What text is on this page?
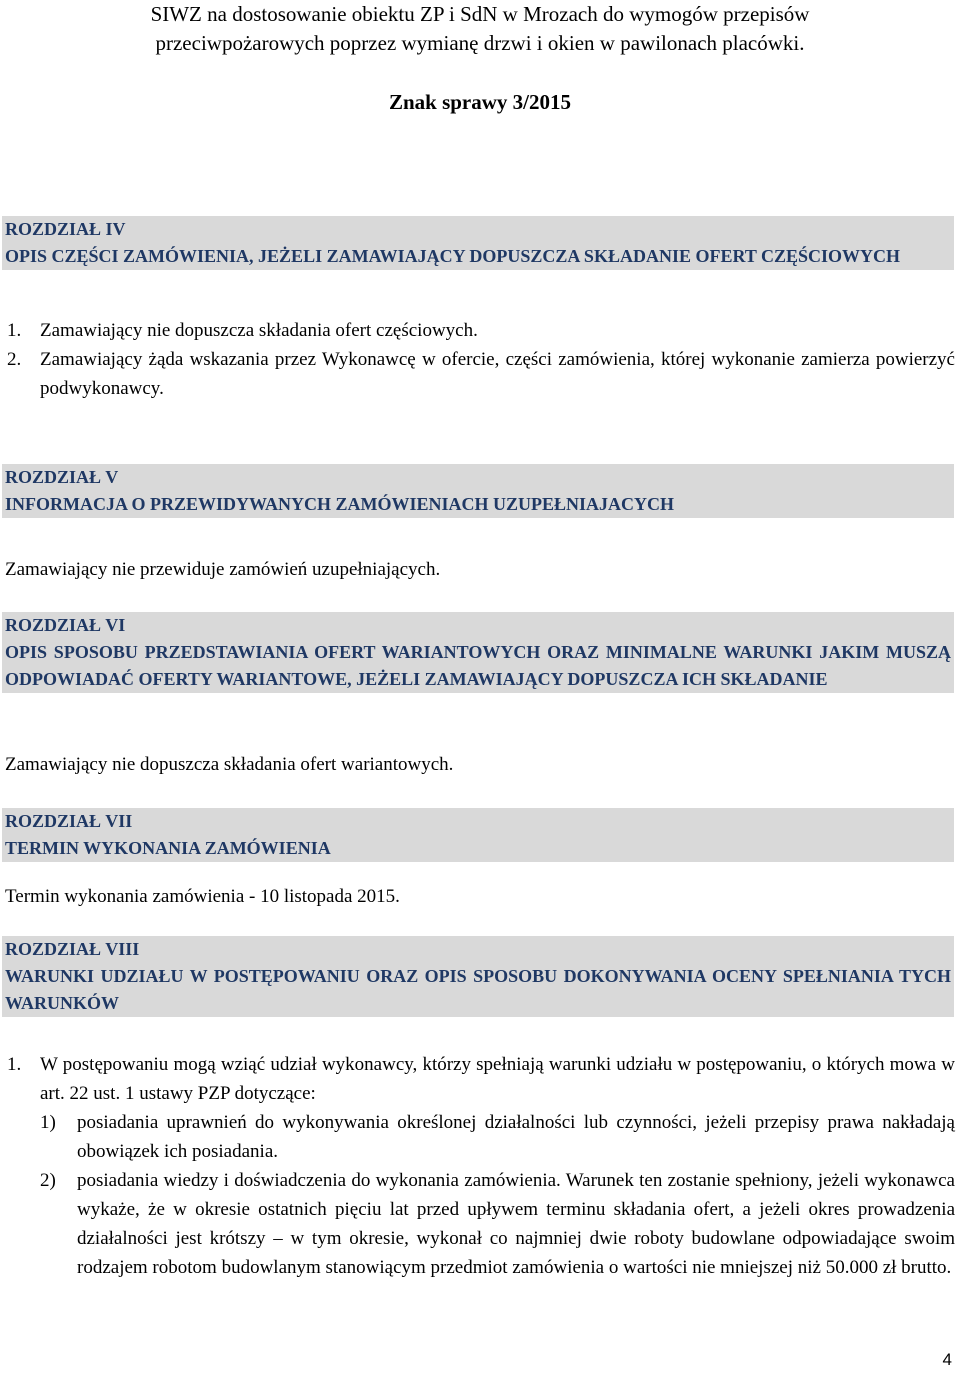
SIWZ na dostosowanie obiektu ZP i SdN w Mrozach do wymogów przepisów
przeciwpożarowych poprzez wymianę drzwi i okien w pawilonach placówki.
Znak sprawy 3/2015
ROZDZIAŁ IV
OPIS CZĘŚCI ZAMÓWIENIA, JEŻELI ZAMAWIAJĄCY DOPUSZCZA SKŁADANIE OFERT CZĘŚCIOWYCH
1. Zamawiający nie dopuszcza składania ofert częściowych.
2. Zamawiający żąda wskazania przez Wykonawcę w ofercie, części zamówienia, której wykonanie zamierza powierzyć podwykonawcy.
ROZDZIAŁ V
INFORMACJA O PRZEWIDYWANYCH ZAMÓWIENIACH UZUPEŁNIAJACYCH
Zamawiający nie przewiduje zamówień uzupełniających.
ROZDZIAŁ VI
OPIS SPOSOBU PRZEDSTAWIANIA OFERT WARIANTOWYCH ORAZ MINIMALNE WARUNKI JAKIM MUSZĄ ODPOWIADAĆ OFERTY WARIANTOWE, JEŻELI ZAMAWIAJĄCY DOPUSZCZA ICH SKŁADANIE
Zamawiający nie dopuszcza składania ofert wariantowych.
ROZDZIAŁ VII
TERMIN WYKONANIA ZAMÓWIENIA
Termin wykonania zamówienia - 10 listopada 2015.
ROZDZIAŁ VIII
WARUNKI UDZIAŁU W POSTĘPOWANIU ORAZ OPIS SPOSOBU DOKONYWANIA OCENY SPEŁNIANIA TYCH WARUNKÓW
1. W postępowaniu mogą wziąć udział wykonawcy, którzy spełniają warunki udziału w postępowaniu, o których mowa w art. 22 ust. 1 ustawy PZP dotyczące:
1) posiadania uprawnień do wykonywania określonej działalności lub czynności, jeżeli przepisy prawa nakładają obowiązek ich posiadania.
2) posiadania wiedzy i doświadczenia do wykonania zamówienia. Warunek ten zostanie spełniony, jeżeli wykonawca wykaże, że w okresie ostatnich pięciu lat przed upływem terminu składania ofert, a jeżeli okres prowadzenia działalności jest krótszy – w tym okresie, wykonał co najmniej dwie roboty budowlane odpowiadające swoim rodzajem robotom budowlanym stanowiącym przedmiot zamówienia o wartości nie mniejszej niż 50.000 zł brutto.
4
